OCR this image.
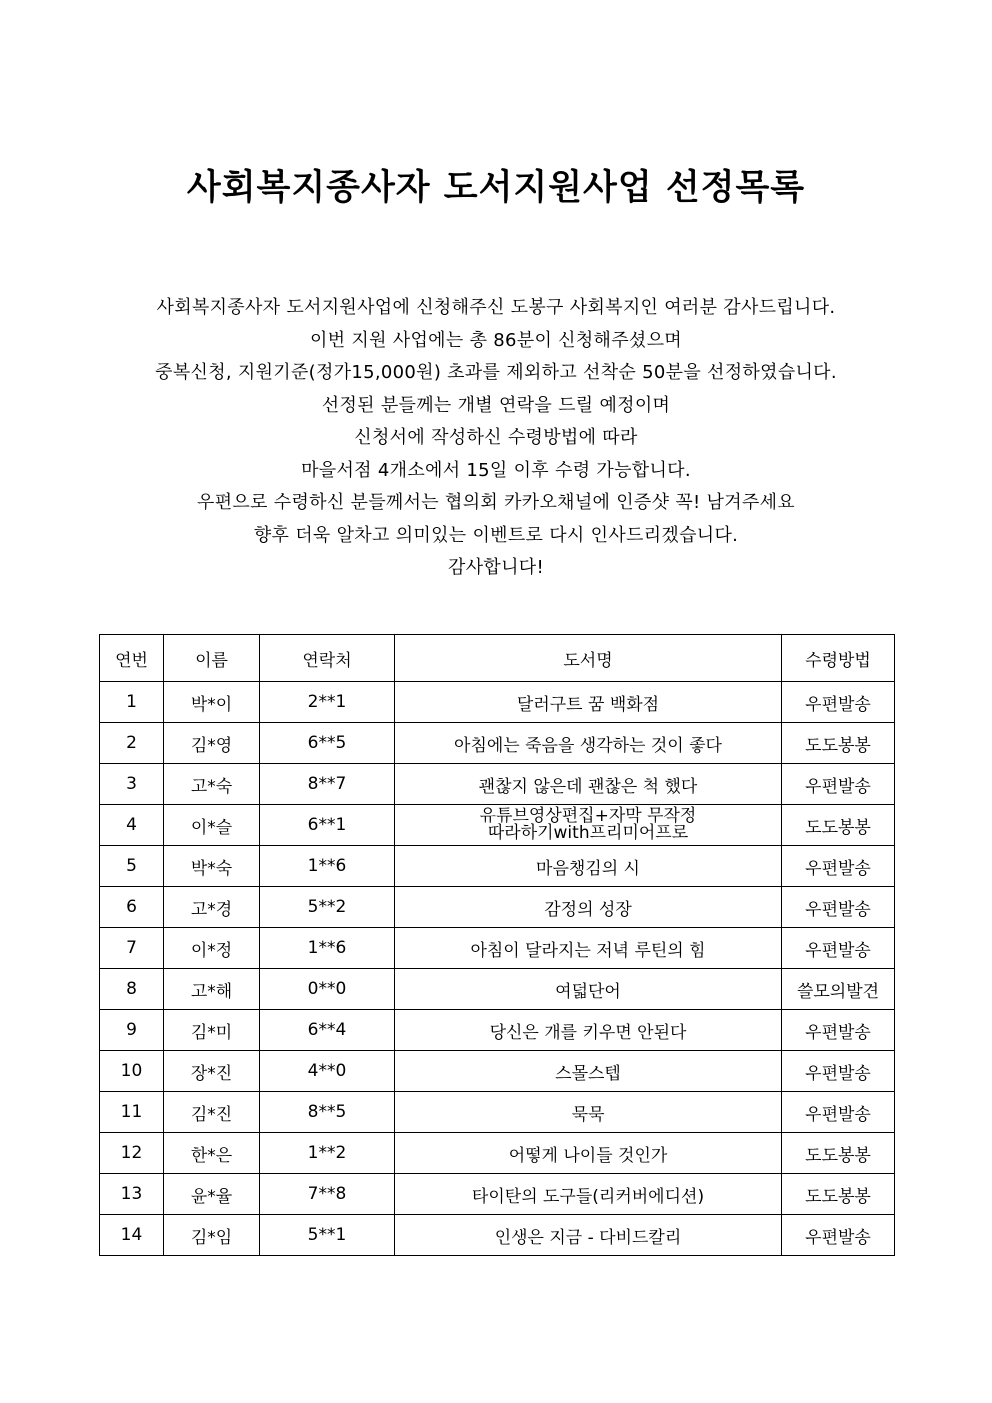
사회복지종사자 도서지원사업 선정목록
사회복지종사자 도서지원사업에 신청해주신 도봉구 사회복지인 여러분 감사드립니다.
이번 지원 사업에는 총 86분이 신청해주셨으며
중복신청, 지원기준(정가15,000원) 초과를 제외하고 선착순 50분을 선정하였습니다.
선정된 분들께는 개별 연락을 드릴 예정이며
신청서에 작성하신 수령방법에 따라
마을서점 4개소에서 15일 이후 수령 가능합니다.
우편으로 수령하신 분들께서는 협의회 카카오채널에 인증샷 꼭! 남겨주세요
향후 더욱 알차고 의미있는 이벤트로 다시 인사드리겠습니다.
감사합니다!
연번	이름	연락처	도서명	수령방법
1	박*이	2**1	달러구트 꿈 백화점	우편발송
2	김*영	6**5	아침에는 죽음을 생각하는 것이 좋다	도도봉봉
3	고*숙	8**7	괜찮지 않은데 괜찮은 척 했다	우편발송
4	이*슬	6**1	유튜브영상편집+자막 무작정
따라하기with프리미어프로	도도봉봉
5	박*숙	1**6	마음챙김의 시	우편발송
6	고*경	5**2	감정의 성장	우편발송
7	이*정	1**6	아침이 달라지는 저녁 루틴의 힘	우편발송
8	고*해	0**0	여덟단어	쓸모의발견
9	김*미	6**4	당신은 개를 키우면 안된다	우편발송
10	장*진	4**0	스몰스텝	우편발송
11	김*진	8**5	묵묵	우편발송
12	한*은	1**2	어떻게 나이들 것인가	도도봉봉
13	윤*율	7**8	타이탄의 도구들(리커버에디션)	도도봉봉
14	김*임	5**1	인생은 지금 - 다비드칼리	우편발송
